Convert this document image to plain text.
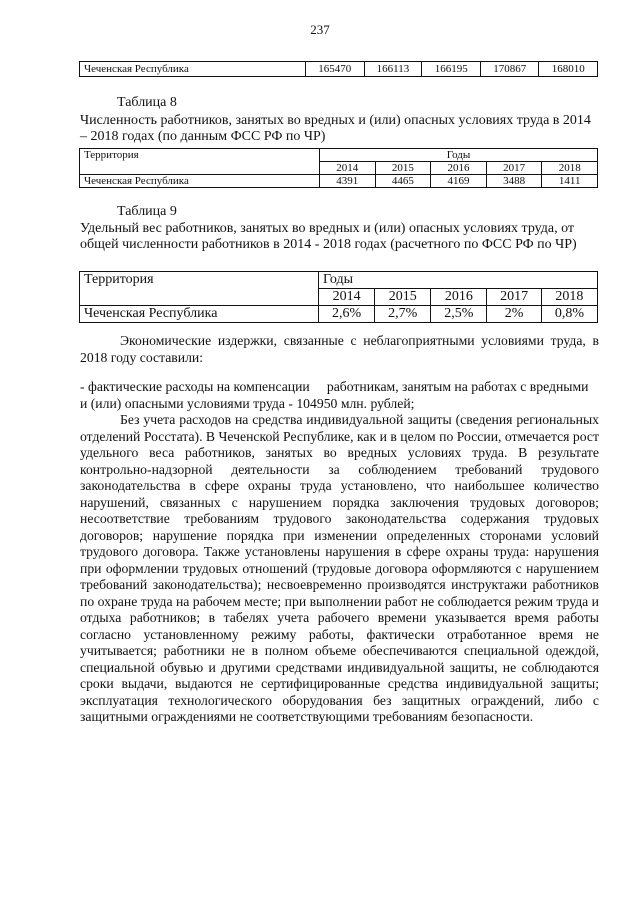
237
Чеченская Республика	165470	166113	166195	170867	168010
Таблица 8
Численность работников, занятых во вредных и (или) опасных условиях труда в 2014 – 2018 годах (по данным ФСС РФ по ЧР)
Территория	Годы				
	2014	2015	2016	2017	2018
Чеченская Республика	4391	4465	4169	3488	1411
Таблица 9
Удельный вес работников, занятых во вредных и (или) опасных условиях труда, от общей численности работников в 2014 - 2018 годах (расчетного по ФСС РФ по ЧР)
Территория	Годы				
	2014	2015	2016	2017	2018
Чеченская Республика	2,6%	2,7%	2,5%	2%	0,8%
Экономические издержки, связанные с неблагоприятными условиями труда, в 2018 году составили:
- фактические расходы на компенсации     работникам, занятым на работах с вредными и (или) опасными условиями труда - 104950 млн. рублей;
Без учета расходов на средства индивидуальной защиты (сведения региональных отделений Росстата). В Чеченской Республике, как и в целом по России, отмечается рост удельного веса работников, занятых во вредных условиях труда. В результате контрольно-надзорной деятельности за соблюдением требований трудового законодательства в сфере охраны труда установлено, что наибольшее количество нарушений, связанных с нарушением порядка заключения трудовых договоров; несоответствие требованиям трудового законодательства содержания трудовых договоров; нарушение порядка при изменении определенных сторонами условий трудового договора. Также установлены нарушения в сфере охраны труда: нарушения при оформлении трудовых отношений (трудовые договора оформляются с нарушением требований законодательства); несвоевременно производятся инструктажи работников по охране труда на рабочем месте; при выполнении работ не соблюдается режим труда и отдыха работников; в табелях учета рабочего времени указывается время работы согласно установленному режиму работы, фактически отработанное время не учитывается; работники не в полном объеме обеспечиваются специальной одеждой, специальной обувью и другими средствами индивидуальной защиты, не соблюдаются сроки выдачи, выдаются не сертифицированные средства индивидуальной защиты; эксплуатация технологического оборудования без защитных ограждений, либо с защитными ограждениями не соответствующими требованиям безопасности.
